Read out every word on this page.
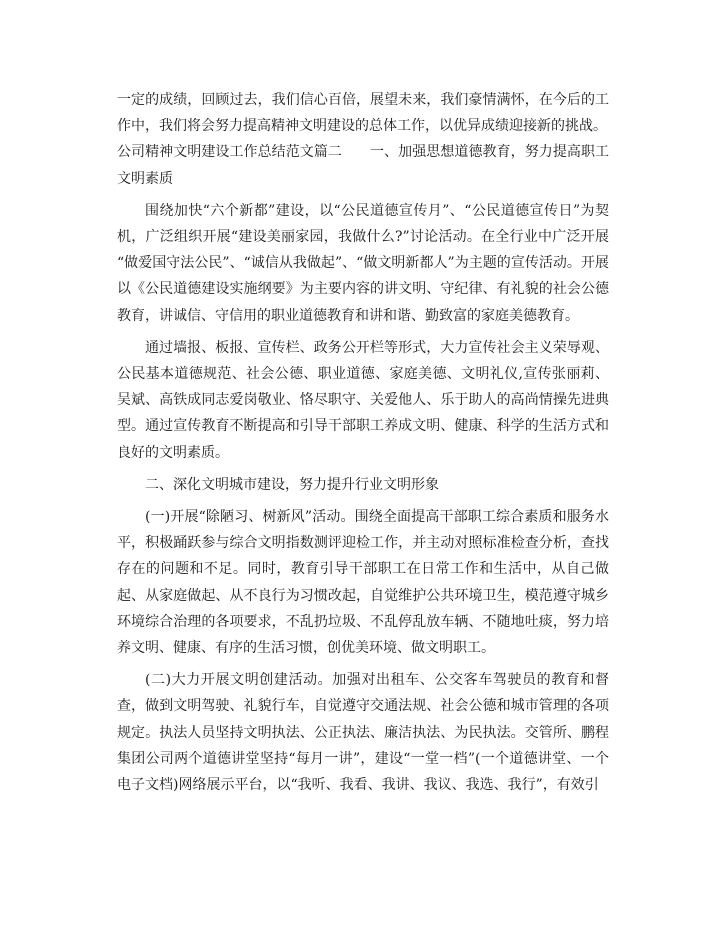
一定的成绩，回顾过去，我们信心百倍，展望未来，我们豪情满怀，在今后的工作中，我们将会努力提高精神文明建设的总体工作，以优异成绩迎接新的挑战。

公司精神文明建设工作总结范文篇二　　一、加强思想道德教育，努力提高职工文明素质

围绕加快“六个新都”建设，以“公民道德宣传月”、“公民道德宣传日”为契机，广泛组织开展“建设美丽家园，我做什么?”讨论活动。在全行业中广泛开展 “做爱国守法公民”、“诚信从我做起”、“做文明新都人”为主题的宣传活动。开展以《公民道德建设实施纲要》为主要内容的讲文明、守纪律、有礼貌的社会公德教育，讲诚信、守信用的职业道德教育和讲和谐、勤致富的家庭美德教育。

通过墙报、板报、宣传栏、政务公开栏等形式，大力宣传社会主义荣辱观、公民基本道德规范、社会公德、职业道德、家庭美德、文明礼仪,宣传张丽莉、吴斌、高铁成同志爱岗敬业、恪尽职守、关爱他人、乐于助人的高尚情操先进典型。通过宣传教育不断提高和引导干部职工养成文明、健康、科学的生活方式和良好的文明素质。

二、深化文明城市建设，努力提升行业文明形象

(一)开展“除陋习、树新风”活动。围绕全面提高干部职工综合素质和服务水平，积极踊跃参与综合文明指数测评迎检工作，并主动对照标准检查分析，查找存在的问题和不足。同时，教育引导干部职工在日常工作和生活中，从自己做起、从家庭做起、从不良行为习惯改起，自觉维护公共环境卫生，模范遵守城乡环境综合治理的各项要求，不乱扔垃圾、不乱停乱放车辆、不随地吐痰，努力培养文明、健康、有序的生活习惯，创优美环境、做文明职工。

(二)大力开展文明创建活动。加强对出租车、公交客车驾驶员的教育和督查，做到文明驾驶、礼貌行车，自觉遵守交通法规、社会公德和城市管理的各项规定。执法人员坚持文明执法、公正执法、廉洁执法、为民执法。交管所、鹏程集团公司两个道德讲堂坚持“每月一讲”，建设“一堂一档”(一个道德讲堂、一个电子文档)网络展示平台，以“我听、我看、我讲、我议、我选、我行”，有效引
